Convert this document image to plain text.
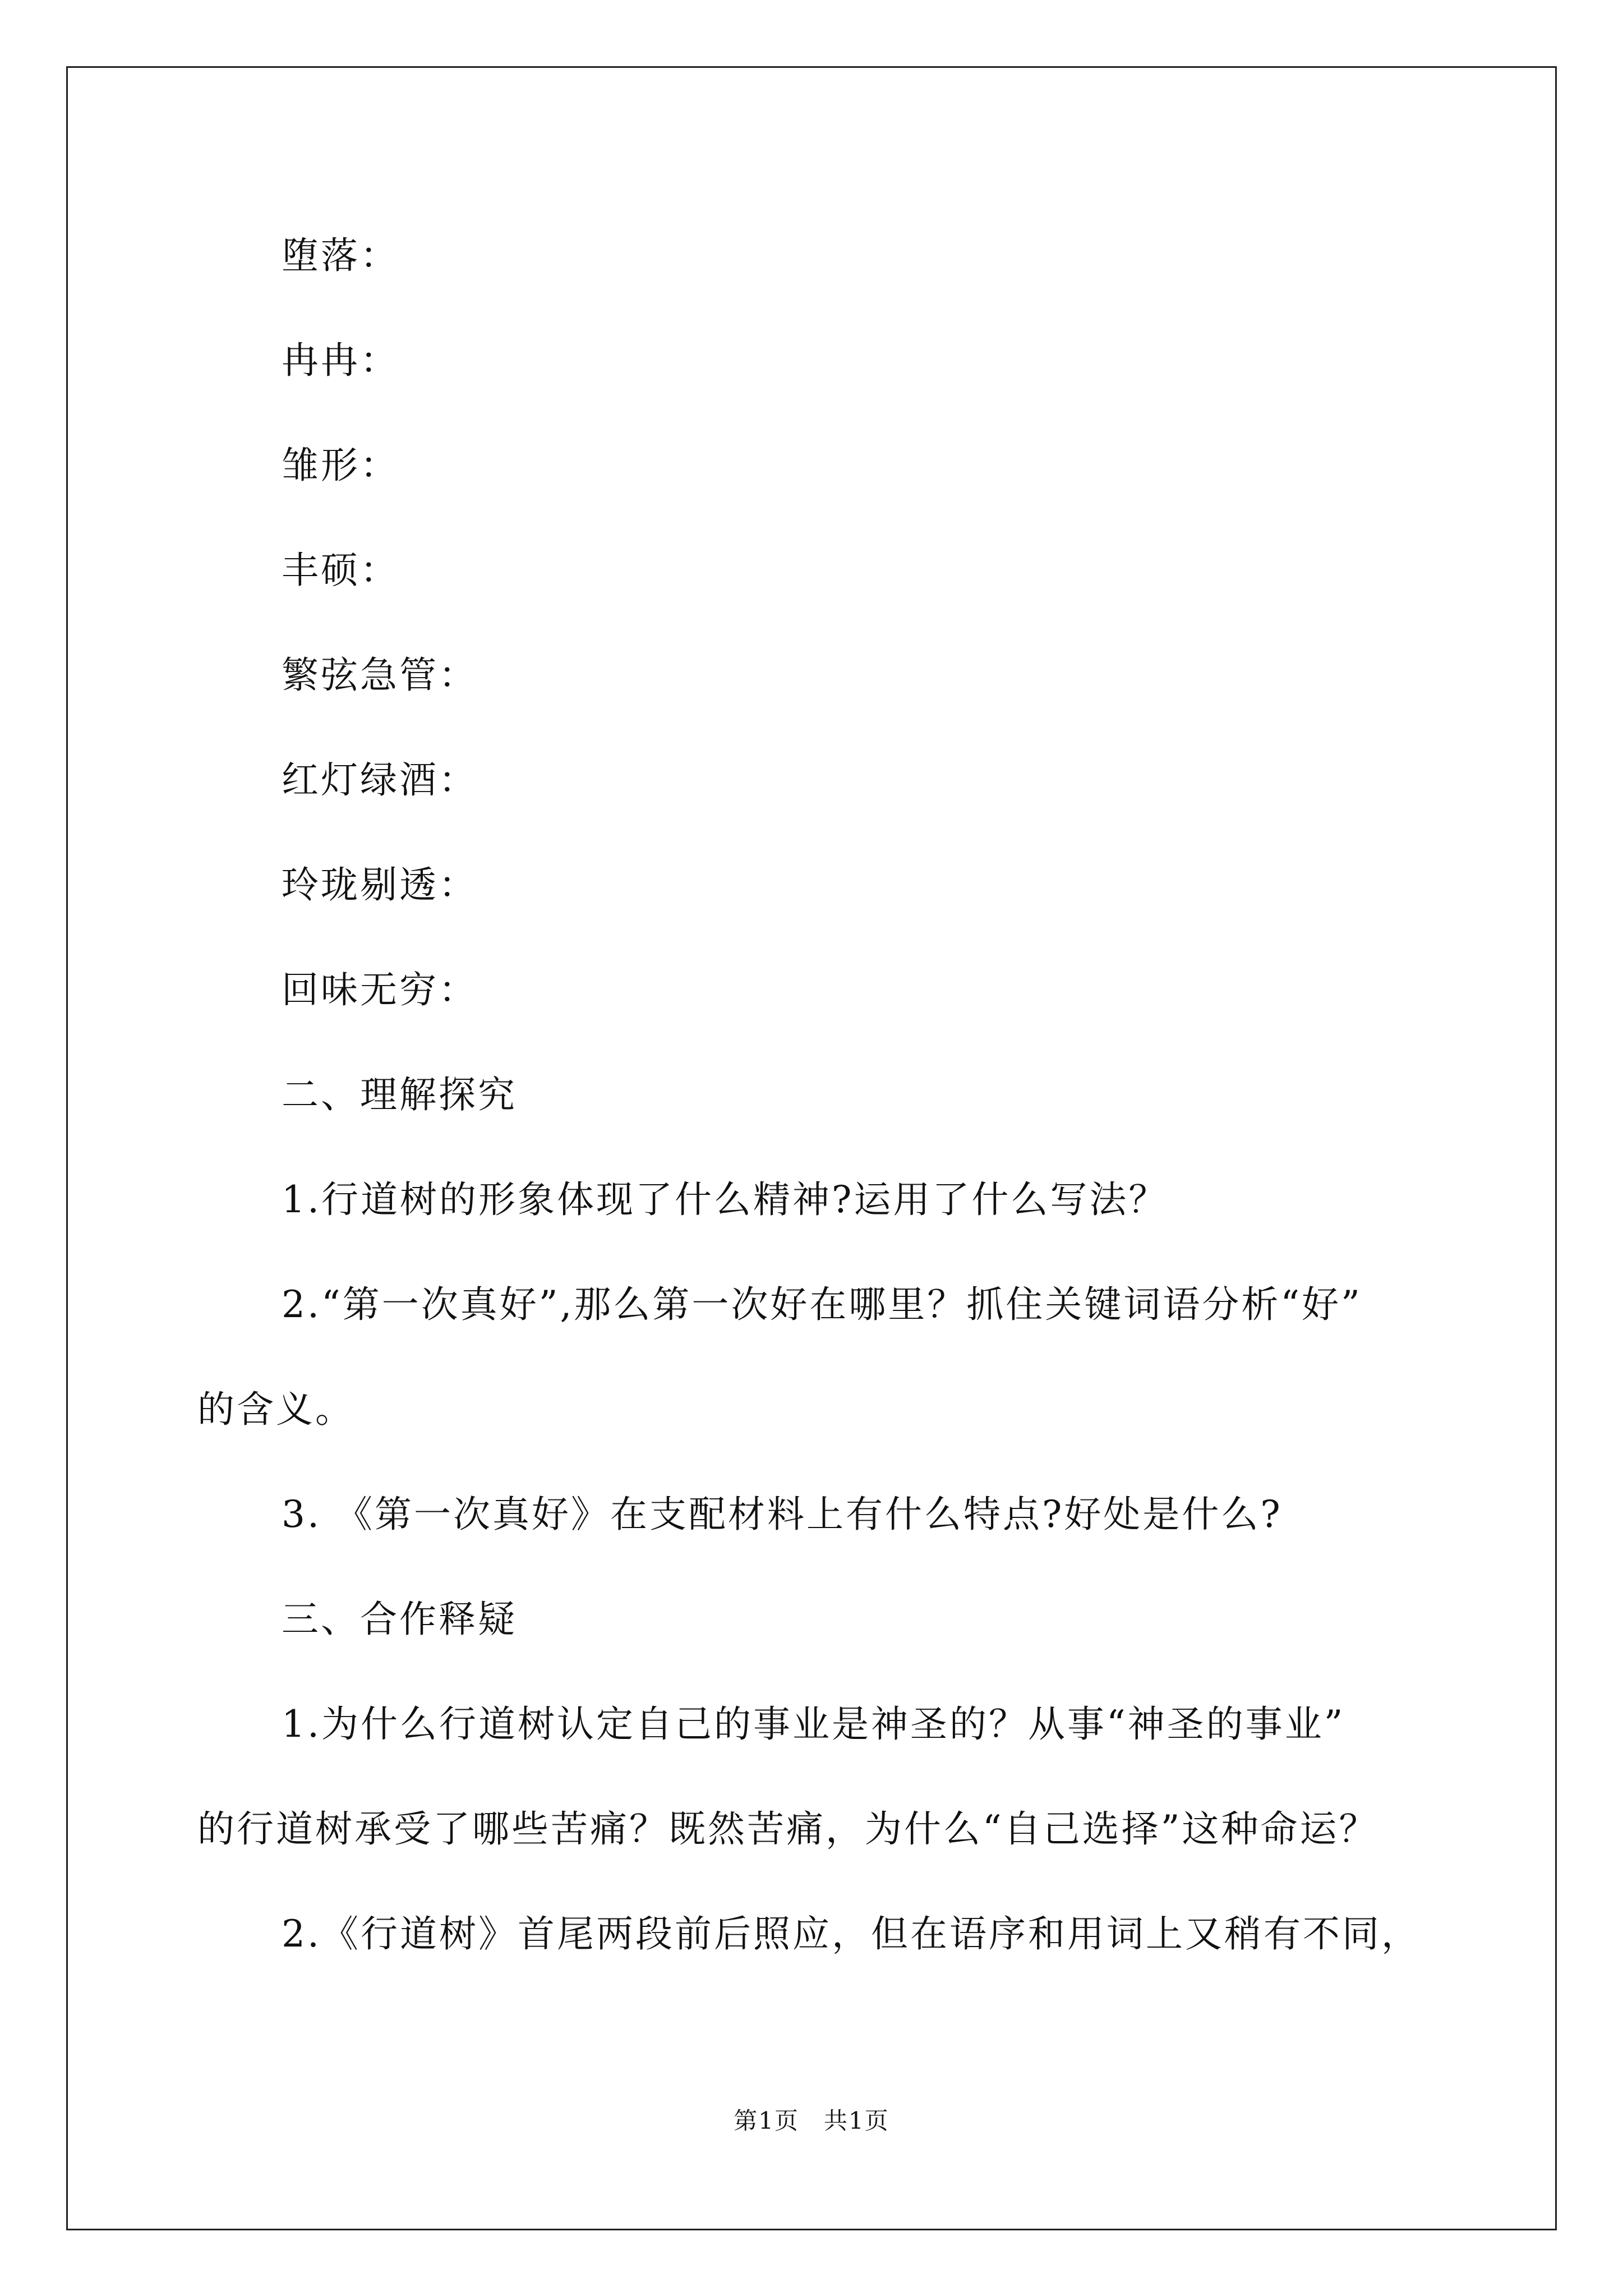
堕落：
冉冉：
雏形：
丰硕：
繁弦急管：
红灯绿酒：
玲珑剔透：
回味无穷：
二、理解探究
1.行道树的形象体现了什么精神?运用了什么写法？
2.“第一次真好”,那么第一次好在哪里？抓住关键词语分析“好”
的含义。
3. 《第一次真好》在支配材料上有什么特点?好处是什么?
三、合作释疑
1.为什么行道树认定自己的事业是神圣的？从事“神圣的事业”
的行道树承受了哪些苦痛？既然苦痛，为什么“自己选择”这种命运？
2.《行道树》首尾两段前后照应，但在语序和用词上又稍有不同，
第1页　共1页
